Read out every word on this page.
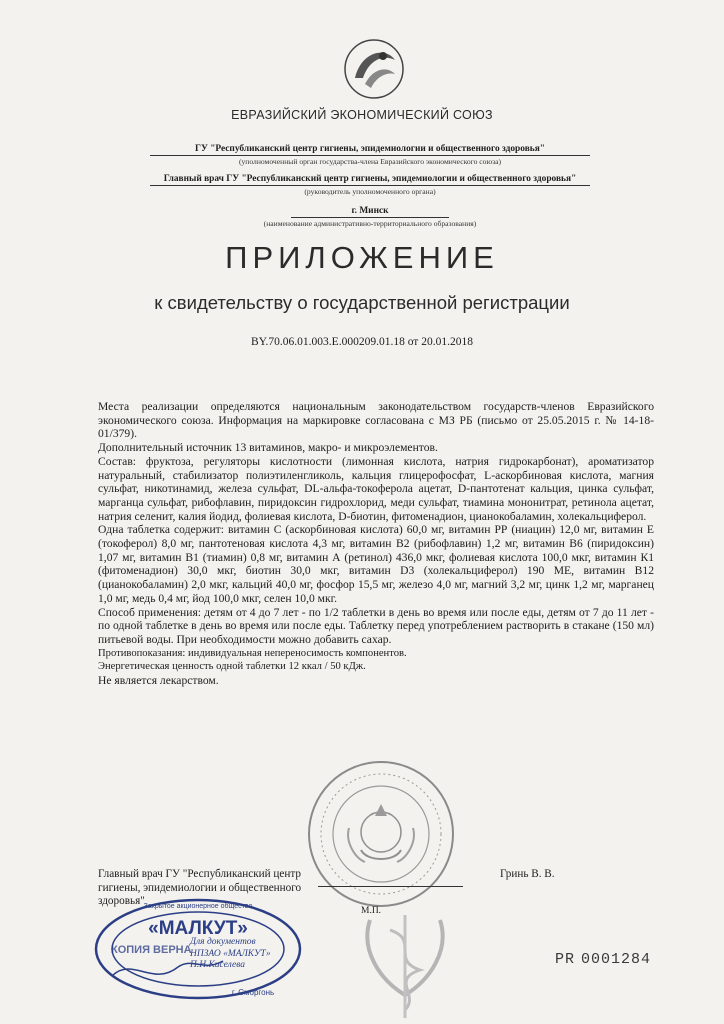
ЕВРАЗИЙСКИЙ ЭКОНОМИЧЕСКИЙ СОЮЗ
ГУ "Республиканский центр гигиены, эпидемиологии и общественного здоровья"
(уполномоченный орган государства-члена Евразийского экономического союза)
Главный врач ГУ "Республиканский центр гигиены, эпидемиологии и общественного здоровья"
(руководитель уполномоченного органа)
г. Минск
(наименование административно-территориального образования)
ПРИЛОЖЕНИЕ
к свидетельству о государственной регистрации
BY.70.06.01.003.E.000209.01.18 от 20.01.2018

Места реализации определяются национальным законодательством государств-членов Евразийского экономического союза. Информация на маркировке согласована с МЗ РБ (письмо от 25.05.2015 г. № 14-18-01/379).

Дополнительный источник 13 витаминов, макро- и микроэлементов.

Состав: фруктоза, регуляторы кислотности (лимонная кислота, натрия гидрокарбонат), ароматизатор натуральный, стабилизатор полиэтиленгликоль, кальция глицерофосфат, L-аскорбиновая кислота, магния сульфат, никотинамид, железа сульфат, DL-альфа-токоферола ацетат, D-пантотенат кальция, цинка сульфат, марганца сульфат, рибофлавин, пиридоксин гидрохлорид, меди сульфат, тиамина мононитрат, ретинола ацетат, натрия селенит, калия йодид, фолиевая кислота, D-биотин, фитоменадион, цианокобаламин, холекальциферол.

Одна таблетка содержит: витамин С (аскорбиновая кислота) 60,0 мг, витамин РР (ниацин) 12,0 мг, витамин Е (токоферол) 8,0 мг, пантотеновая кислота 4,3 мг, витамин В2 (рибофлавин) 1,2 мг, витамин В6 (пиридоксин) 1,07 мг, витамин В1 (тиамин) 0,8 мг, витамин А (ретинол) 436,0 мкг, фолиевая кислота 100,0 мкг, витамин К1 (фитоменадион) 30,0 мкг, биотин 30,0 мкг, витамин D3 (холекальциферол) 190 МЕ, витамин В12 (цианокобаламин) 2,0 мкг, кальций 40,0 мг, фосфор 15,5 мг, железо 4,0 мг, магний 3,2 мг, цинк 1,2 мг, марганец 1,0 мг, медь 0,4 мг, йод 100,0 мкг, селен 10,0 мкг.

Способ применения: детям от 4 до 7 лет - по 1/2 таблетки в день во время или после еды, детям от 7 до 11 лет - по одной таблетке в день во время или после еды. Таблетку перед употреблением растворить в стакане (150 мл) питьевой воды. При необходимости можно добавить сахар.

Противопоказания: индивидуальная непереносимость компонентов.

Энергетическая ценность одной таблетки 12 ккал / 50 кДж.

Не является лекарством.

Главный врач ГУ "Республиканский центр гигиены, эпидемиологии и общественного здоровья"
Гринь В. В.
М.П.
«МАЛКУТ»
КОПИЯ ВЕРНА
Закрытое акционерное общество
г. Сморгонь
Для документов
НПЗАО «МАЛКУТ»
П.Н.Киселева	PR 0001284
